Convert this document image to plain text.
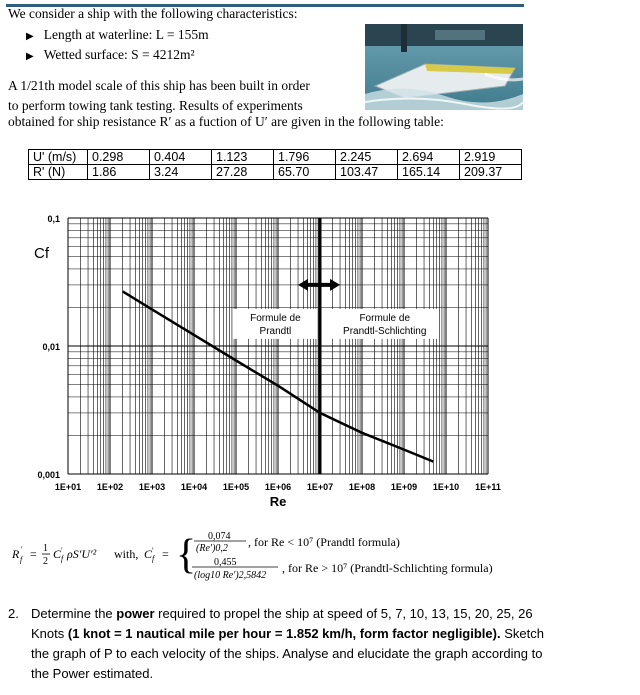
We consider a ship with the following characteristics:
▶ Length at waterline: L = 155m
▶ Wetted surface: S = 4212m²
A 1/21th model scale of this ship has been built in order
to perform towing tank testing. Results of experiments
obtained for ship resistance R′ as a fuction of U′ are given in the following table:
U' (m/s)	0.298	0.404	1.123	1.796	2.245	2.694	2.919
R' (N)	1.86	3.24	27.28	65.70	103.47	165.14	209.37
1E+01 1E+02 1E+03 1E+04 1E+05 1E+06 1E+07 1E+08 1E+09 1E+10 1E+11
0,1
0,01
0,001
Cf
Re
Formule de
Prandtl
Formule de
Prandtl-Schlichting
R ′
f = 1
2
C ′
f ρS′U′² with, C ′
f = { 0,074
(Re′)0,2 , for Re < 10⁷ (Prandtl formula)
0,455
(log10 Re′)2,5842
, for Re > 10⁷ (Prandtl-Schlichting formula)
2. Determine the power required to propel the ship at speed of 5, 7, 10, 13, 15, 20, 25, 26 Knots (1 knot = 1 nautical mile per hour = 1.852 km/h, form factor negligible). Sketch the graph of P to each velocity of the ships. Analyse and elucidate the graph according to the Power estimated.
